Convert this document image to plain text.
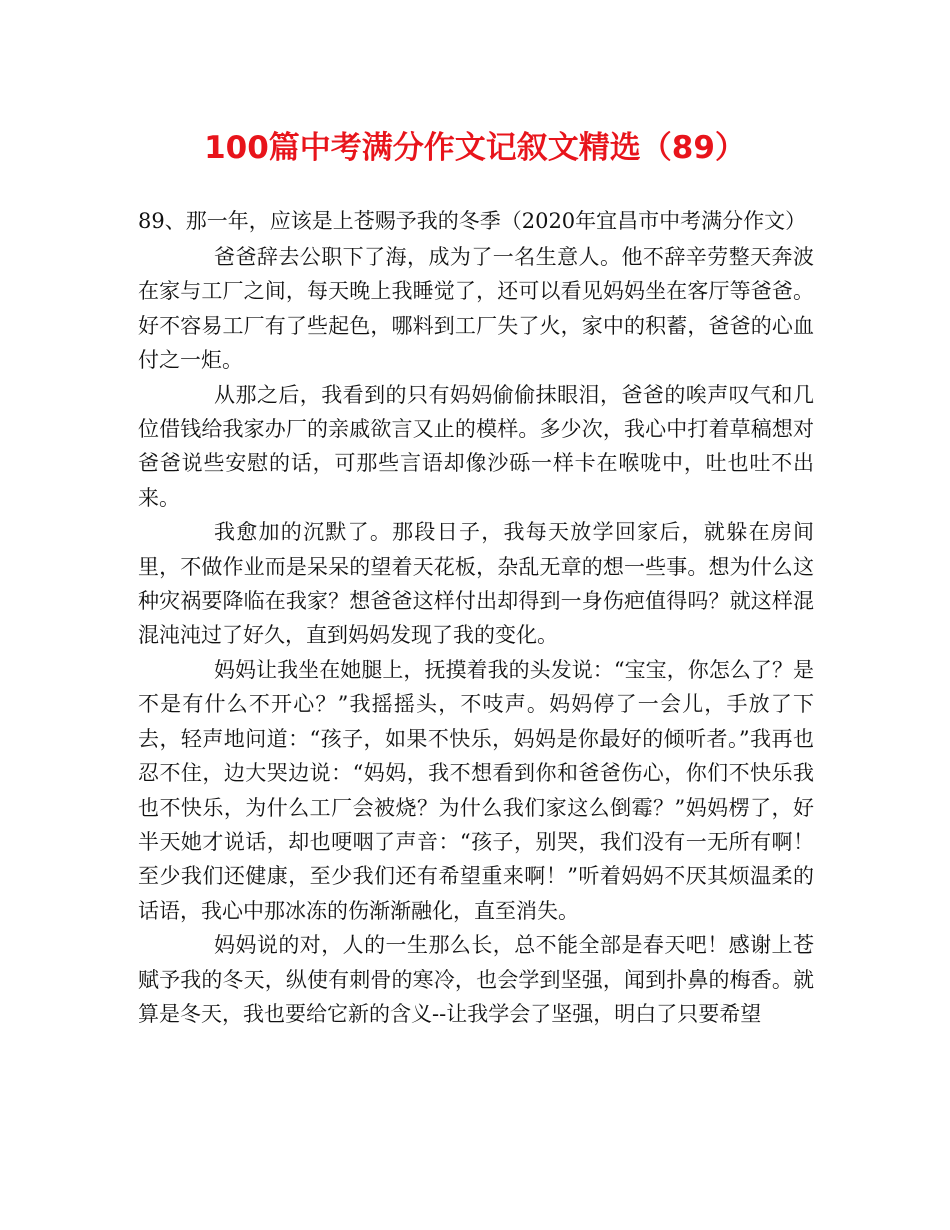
100篇中考满分作文记叙文精选（89）

89、那一年，应该是上苍赐予我的冬季（2020年宜昌市中考满分作文）

爸爸辞去公职下了海，成为了一名生意人。他不辞辛劳整天奔波在家与工厂之间，每天晚上我睡觉了，还可以看见妈妈坐在客厅等爸爸。好不容易工厂有了些起色，哪料到工厂失了火，家中的积蓄，爸爸的心血付之一炬。

从那之后，我看到的只有妈妈偷偷抹眼泪，爸爸的唉声叹气和几位借钱给我家办厂的亲戚欲言又止的模样。多少次，我心中打着草稿想对爸爸说些安慰的话，可那些言语却像沙砾一样卡在喉咙中，吐也吐不出来。

我愈加的沉默了。那段日子，我每天放学回家后，就躲在房间里，不做作业而是呆呆的望着天花板，杂乱无章的想一些事。想为什么这种灾祸要降临在我家？想爸爸这样付出却得到一身伤疤值得吗？就这样混混沌沌过了好久，直到妈妈发现了我的变化。

妈妈让我坐在她腿上，抚摸着我的头发说：“宝宝，你怎么了？是不是有什么不开心？”我摇摇头，不吱声。妈妈停了一会儿，手放了下去，轻声地问道：“孩子，如果不快乐，妈妈是你最好的倾听者。”我再也忍不住，边大哭边说：“妈妈，我不想看到你和爸爸伤心，你们不快乐我也不快乐，为什么工厂会被烧？为什么我们家这么倒霉？”妈妈楞了，好半天她才说话，却也哽咽了声音：“孩子，别哭，我们没有一无所有啊！至少我们还健康，至少我们还有希望重来啊！”听着妈妈不厌其烦温柔的话语，我心中那冰冻的伤渐渐融化，直至消失。

妈妈说的对，人的一生那么长，总不能全部是春天吧！感谢上苍赋予我的冬天，纵使有刺骨的寒冷，也会学到坚强，闻到扑鼻的梅香。就算是冬天，我也要给它新的含义--让我学会了坚强，明白了只要希望
